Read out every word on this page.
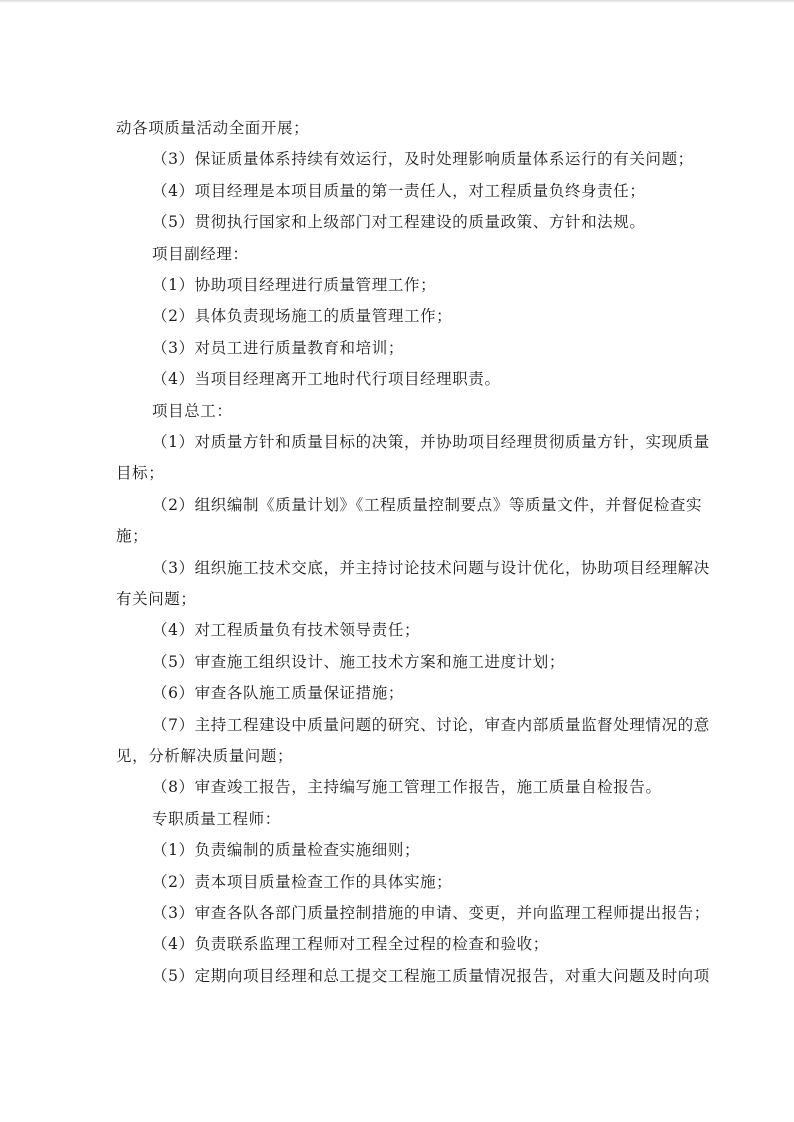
动各项质量活动全面开展；
（3）保证质量体系持续有效运行，及时处理影响质量体系运行的有关问题；
（4）项目经理是本项目质量的第一责任人，对工程质量负终身责任；
（5）贯彻执行国家和上级部门对工程建设的质量政策、方针和法规。
项目副经理：
（1）协助项目经理进行质量管理工作；
（2）具体负责现场施工的质量管理工作；
（3）对员工进行质量教育和培训；
（4）当项目经理离开工地时代行项目经理职责。
项目总工：
（1）对质量方针和质量目标的决策，并协助项目经理贯彻质量方针，实现质量
目标；
（2）组织编制《质量计划》《工程质量控制要点》等质量文件，并督促检查实
施；
（3）组织施工技术交底，并主持讨论技术问题与设计优化，协助项目经理解决
有关问题；
（4）对工程质量负有技术领导责任；
（5）审查施工组织设计、施工技术方案和施工进度计划；
（6）审查各队施工质量保证措施；
（7）主持工程建设中质量问题的研究、讨论，审查内部质量监督处理情况的意
见，分析解决质量问题；
（8）审查竣工报告，主持编写施工管理工作报告，施工质量自检报告。
专职质量工程师：
（1）负责编制的质量检查实施细则；
（2）责本项目质量检查工作的具体实施；
（3）审查各队各部门质量控制措施的申请、变更，并向监理工程师提出报告；
（4）负责联系监理工程师对工程全过程的检查和验收；
（5）定期向项目经理和总工提交工程施工质量情况报告，对重大问题及时向项
